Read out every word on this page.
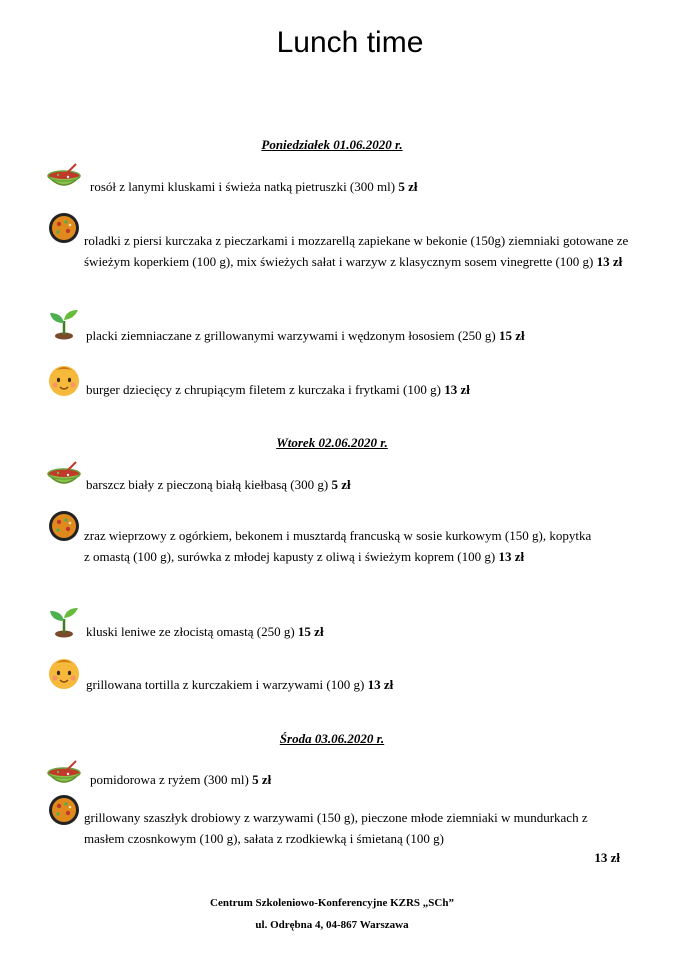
Lunch time
Poniedziałek 01.06.2020 r.
rosół z lanymi kluskami i świeża natką pietruszki (300 ml) 5 zł
roladki z piersi kurczaka z pieczarkami i mozzarellą zapiekane w bekonie (150g) ziemniaki gotowane ze świeżym koperkiem (100 g), mix świeżych sałat i warzyw z klasycznym sosem vinegrette (100 g) 13 zł
placki ziemniaczane z grillowanymi warzywami i wędzonym łososiem (250 g) 15 zł
burger dziecięcy z chrupiącym filetem z kurczaka i frytkami (100 g) 13 zł
Wtorek 02.06.2020 r.
barszcz biały z pieczoną białą kiełbasą (300 g) 5 zł
zraz wieprzowy z ogórkiem, bekonem i musztardą francuską w sosie kurkowym (150 g), kopytka z omastą (100 g), surówka z młodej kapusty z oliwą i świeżym koprem (100 g) 13 zł
kluski leniwe ze złocistą omastą (250 g) 15 zł
grillowana tortilla z kurczakiem i warzywami (100 g) 13 zł
Środa 03.06.2020 r.
pomidorowa z ryżem (300 ml) 5 zł
grillowany szaszłyk drobiowy z warzywami (150 g), pieczone młode ziemniaki w mundurkach z masłem czosnkowym (100 g), sałata z rzodkiewką i śmietaną (100 g)
13 zł
Centrum Szkoleniowo-Konferencyjne KZRS „SCh”
ul. Odrębna 4, 04-867 Warszawa
